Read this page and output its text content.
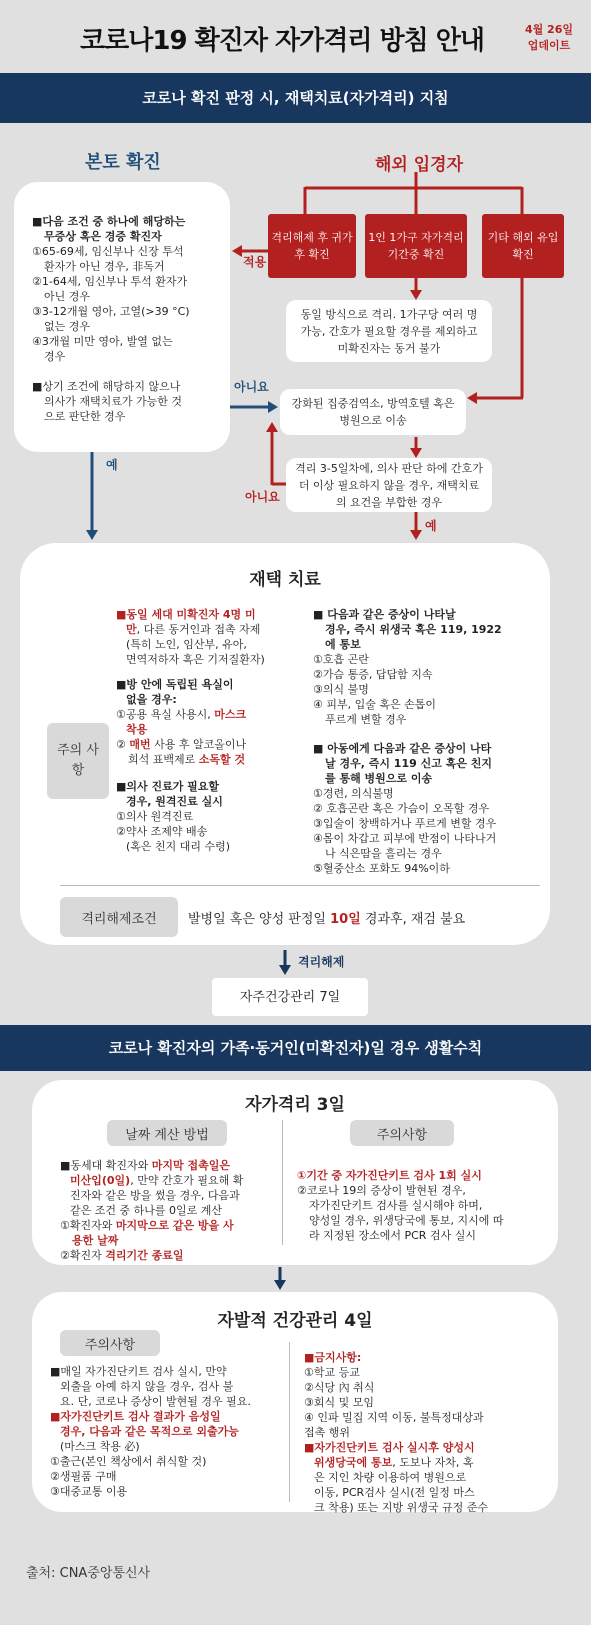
코로나19 확진자 자가격리 방침 안내	4월 26일
업데이트
코로나 확진 판정 시, 재택치료(자가격리) 지침
본토 확진	해외 입경자
■다음 조건 중 하나에 해당하는
무증상 혹은 경증 확진자
①65-69세, 임신부나 신장 투석
환자가 아닌 경우, 非독거
②1-64세, 임신부나 투석 환자가
아닌 경우
③3-12개월 영아, 고열(>39 °C)
없는 경우
④3개월 미만 영아, 발열 없는
경우

■상기 조건에 해당하지 않으나
의사가 재택치료가 가능한 것
으로 판단한 경우
격리해제 후 귀가 후 확진
1인 1가구 자가격리기간중 확진
기타 해외 유입 확진
적용
아니요
예
아니요
예
동일 방식으로 격리. 1가구당 여러 명 가능, 간호가 필요할 경우를 제외하고 미확진자는 동거 불가
강화된 집중검역소, 방역호텔 혹은 병원으로 이송
격리 3-5일차에, 의사 판단 하에 간호가 더 이상 필요하지 않을 경우, 재택치료의 요건을 부합한 경우
재택 치료
주의 사항
■동일 세대 미확진자 4명 미
만, 다른 동거인과 접촉 자제
(특히 노인, 임산부, 유아,
면역저하자 혹은 기저질환자)
■방 안에 독립된 욕실이
없을 경우:
①공용 욕실 사용시, 마스크
착용
② 매번 사용 후 알코올이나
희석 표백제로 소독할 것
■의사 진료가 필요할
경우, 원격진료 실시
①의사 원격진료
②약사 조제약 배송
(혹은 친지 대리 수령)
■ 다음과 같은 증상이 나타날
경우, 즉시 위생국 혹은 119, 1922
에 통보
①호흡 곤란
②가슴 통증, 답답함 지속
③의식 불명
④ 피부, 입술 혹은 손톱이
푸르게 변할 경우
■ 아동에게 다음과 같은 증상이 나타
날 경우, 즉시 119 신고 혹은 친지
를 통해 병원으로 이송
①경련, 의식불명
② 호흡곤란 혹은 가슴이 오목할 경우
③입술이 창백하거나 푸르게 변할 경우
④몸이 차갑고 피부에 반점이 나타나거
나 식은땀을 흘리는 경우
⑤혈중산소 포화도 94%이하
격리해제조건	발병일 혹은 양성 판정일 10일 경과후, 재검 불요
격리해제
자주건강관리 7일
코로나 확진자의 가족·동거인(미확진자)일 경우 생활수칙
자가격리 3일
날짜 계산 방법	주의사항
■동세대 확진자와 마지막 접촉일은
미산입(0일), 만약 간호가 필요해 확
진자와 같은 방을 썼을 경우, 다음과
같은 조건 중 하나를 0일로 계산
①확진자와 마지막으로 같은 방을 사
용한 날짜
②확진자 격리기간 종료일
①기간 중 자가진단키트 검사 1회 실시
②코로나 19의 증상이 발현된 경우,
자가진단키트 검사를 실시해야 하며,
양성일 경우, 위생당국에 통보, 지시에 따
라 지정된 장소에서 PCR 검사 실시
자발적 건강관리 4일
주의사항
■매일 자가진단키트 검사 실시, 만약
외출을 아예 하지 않을 경우, 검사 불
요. 단, 코로나 증상이 발현될 경우 필요.
■자가진단키트 검사 결과가 음성일
경우, 다음과 같은 목적으로 외출가능
(마스크 착용 必)
①출근(본인 책상에서 취식할 것)
②생필품 구매
③대중교통 이용
■금지사항:
①학교 등교
②식당 內 취식
③회식 및 모임
④ 인파 밀집 지역 이동, 불특정대상과
접촉 행위
■자가진단키트 검사 실시후 양성시
위생당국에 통보, 도보나 자차, 혹
은 지인 차량 이용하여 병원으로
이동, PCR검사 실시(전 일정 마스
크 착용) 또는 지방 위생국 규정 준수
출처: CNA중앙통신사
